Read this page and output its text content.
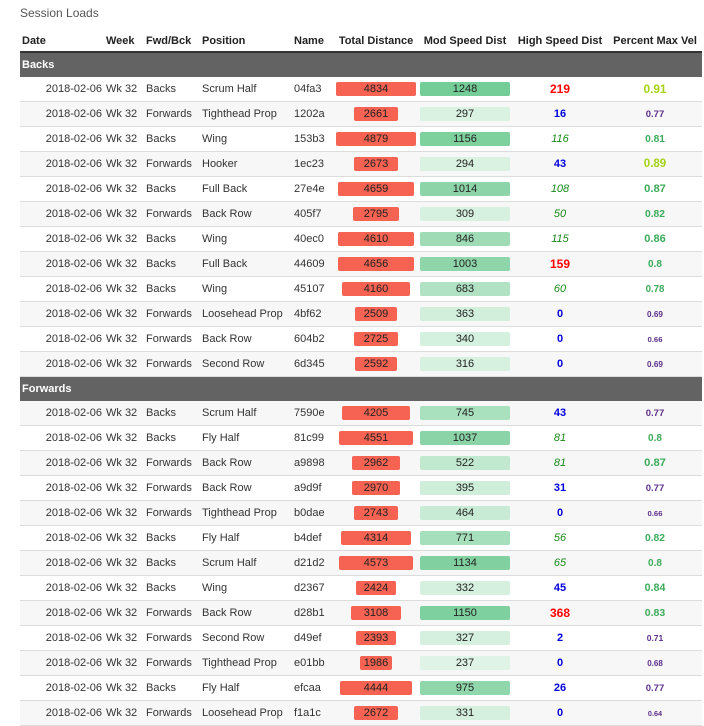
Session Loads
Date	Week	Fwd/Bck	Position	Name	Total Distance	Mod Speed Dist	High Speed Dist	Percent Max Vel
Backs								
2018-02-06	Wk 32	Backs	Scrum Half	04fa3	4834	1248	219	0.91
2018-02-06	Wk 32	Forwards	Tighthead Prop	1202a	2661	297	16	0.77
2018-02-06	Wk 32	Backs	Wing	153b3	4879	1156	116	0.81
2018-02-06	Wk 32	Forwards	Hooker	1ec23	2673	294	43	0.89
2018-02-06	Wk 32	Backs	Full Back	27e4e	4659	1014	108	0.87
2018-02-06	Wk 32	Forwards	Back Row	405f7	2795	309	50	0.82
2018-02-06	Wk 32	Backs	Wing	40ec0	4610	846	115	0.86
2018-02-06	Wk 32	Backs	Full Back	44609	4656	1003	159	0.8
2018-02-06	Wk 32	Backs	Wing	45107	4160	683	60	0.78
2018-02-06	Wk 32	Forwards	Loosehead Prop	4bf62	2509	363	0	0.69
2018-02-06	Wk 32	Forwards	Back Row	604b2	2725	340	0	0.66
2018-02-06	Wk 32	Forwards	Second Row	6d345	2592	316	0	0.69
Forwards								
2018-02-06	Wk 32	Backs	Scrum Half	7590e	4205	745	43	0.77
2018-02-06	Wk 32	Backs	Fly Half	81c99	4551	1037	81	0.8
2018-02-06	Wk 32	Forwards	Back Row	a9898	2962	522	81	0.87
2018-02-06	Wk 32	Forwards	Back Row	a9d9f	2970	395	31	0.77
2018-02-06	Wk 32	Forwards	Tighthead Prop	b0dae	2743	464	0	0.66
2018-02-06	Wk 32	Backs	Fly Half	b4def	4314	771	56	0.82
2018-02-06	Wk 32	Backs	Scrum Half	d21d2	4573	1134	65	0.8
2018-02-06	Wk 32	Backs	Wing	d2367	2424	332	45	0.84
2018-02-06	Wk 32	Forwards	Back Row	d28b1	3108	1150	368	0.83
2018-02-06	Wk 32	Forwards	Second Row	d49ef	2393	327	2	0.71
2018-02-06	Wk 32	Forwards	Tighthead Prop	e01bb	1986	237	0	0.68
2018-02-06	Wk 32	Backs	Fly Half	efcaa	4444	975	26	0.77
2018-02-06	Wk 32	Forwards	Loosehead Prop	f1a1c	2672	331	0	0.64
